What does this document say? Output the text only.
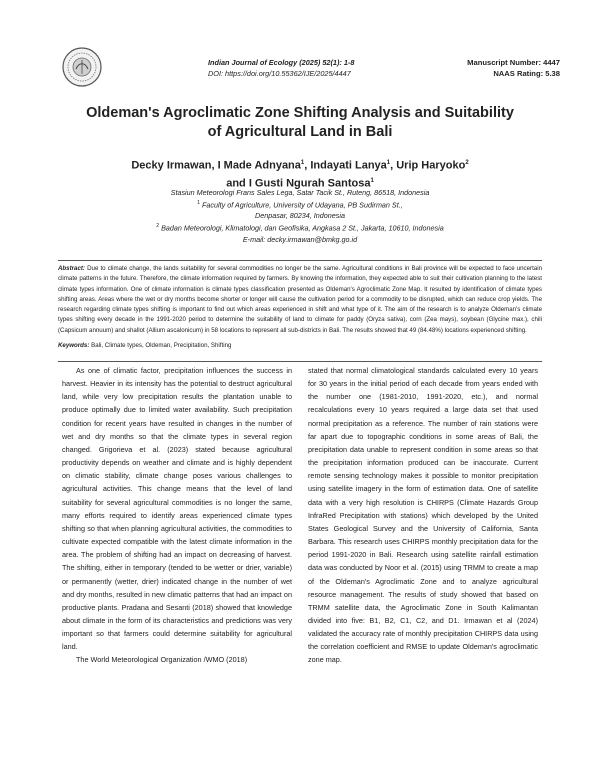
Indian Journal of Ecology (2025) 52(1): 1-8
DOI: https://doi.org/10.55362/IJE/2025/4447
Manuscript Number: 4447
NAAS Rating: 5.38
Oldeman's Agroclimatic Zone Shifting Analysis and Suitability
of Agricultural Land in Bali
Decky Irmawan, I Made Adnyana$^1$, Indayati Lanya$^1$, Urip Haryoko$^2$
and I Gusti Ngurah Santosa$^1$
Stasiun Meteorologi Frans Sales Lega, Satar Tacik St., Ruteng, 86518, Indonesia
$^1$ Faculty of Agriculture, University of Udayana, PB Sudirman St.,
Denpasar, 80234, Indonesia
$^2$ Badan Meteorologi, Klimatologi, dan Geofisika, Angkasa 2 St., Jakarta, 10610, Indonesia
E-mail: decky.irmawan@bmkg.go.id
Abstract: Due to climate change, the lands suitability for several commodities no longer be the same. Agricultural conditions in Bali province will be expected to face uncertain climate patterns in the future. Therefore, the climate information required by farmers. By knowing the information, they expected able to suit their cultivation planning to the latest climate types information. One of climate information is climate types classification presented as Oldeman's Agroclimatic Zone Map. It resulted by identification of climate types shifting areas. Areas where the wet or dry months become shorter or longer will cause the cultivation period for a commodity to be disrupted, which can reduce crop yields. The research regarding climate types shifting is important to find out which areas experienced in shift and what type of it. The aim of the research is to analyze Oldeman's climate types shifting every decade in the 1991-2020 period to determine the suitability of land to climate for paddy (Oryza sativa), corn (Zea mays), soybean (Glycine max.), chili (Capsicum annuum) and shallot (Allium ascalonicum) in 58 locations to represent all sub-districts in Bali. The results showed that 49 (84.48%) locations experienced shifting.
Keywords: Bali, Climate types, Oldeman, Precipitation, Shifting

As one of climatic factor, precipitation influences the success in harvest. Heavier in its intensity has the potential to destruct agricultural land, while very low precipitation results the plantation unable to produce optimally due to limited water availability. Such precipitation condition for recent years have resulted in changes in the number of wet and dry months so that the climate types in several region changed. Grigorieva et al. (2023) stated because agricultural productivity depends on weather and climate and is highly dependent on climatic stability, climate change poses various challenges to agricultural activities. This change means that the level of land suitability for several agricultural commodities is no longer the same, many efforts required to identify areas experienced climate types shifting so that when planning agricultural activities, the commodities to cultivate expected compatible with the latest climate information in the area. The problem of shifting had an impact on decreasing of harvest. The shifting, either in temporary (tended to be wetter or drier, variable) or permanently (wetter, drier) indicated change in the number of wet and dry months, resulted in new climatic patterns that had an impact on productive plants. Pradana and Sesanti (2018) showed that knowledge about climate in the form of its characteristics and predictions was very important so that farmers could determine suitability for agricultural land.

The World Meteorological Organization /WMO (2018)

stated that normal climatological standards calculated every 10 years for 30 years in the initial period of each decade from years ended with the number one (1981-2010, 1991-2020, etc.), and normal recalculations every 10 years required a large data set that used normal precipitation as a reference. The number of rain stations were far apart due to topographic conditions in some areas of Bali, the precipitation data unable to represent condition in some areas so that the precipitation information produced can be inaccurate. Current remote sensing technology makes it possible to monitor precipitation using satellite imagery in the form of estimation data. One of satellite data with a very high resolution is CHIRPS (Climate Hazards Group InfraRed Precipitation with stations) which developed by the United States Geological Survey and the University of California, Santa Barbara. This research uses CHIRPS monthly precipitation data for the period 1991-2020 in Bali. Research using satellite rainfall estimation data was conducted by Noor et al. (2015) using TRMM to create a map of the Oldeman's Agroclimatic Zone and to analyze agricultural resource management. The results of study showed that based on TRMM satellite data, the Agroclimatic Zone in South Kalimantan divided into five: B1, B2, C1, C2, and D1. Irmawan et al (2024) validated the accuracy rate of monthly precipitation CHIRPS data using the correlation coefficient and RMSE to update Oldeman's agroclimatic zone map.
